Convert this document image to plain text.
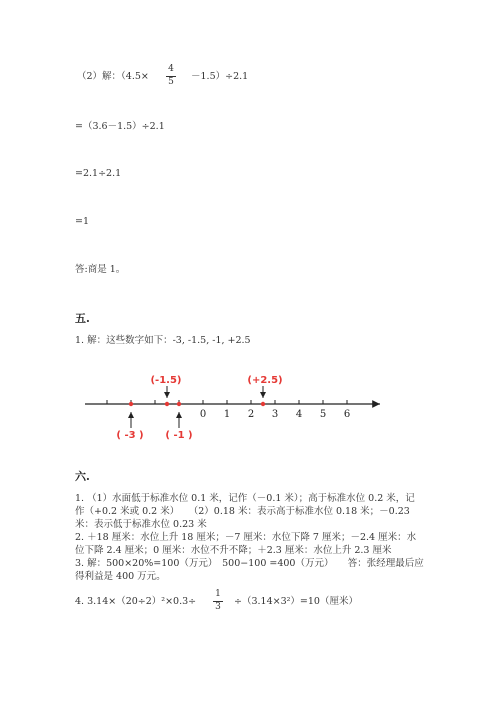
（2）解：（4.5×
4
5	－1.5）÷2.1
=（3.6－1.5）÷2.1
=2.1÷2.1
=1
答:商是 1。
五.
1. 解：这些数字如下：-3, -1.5, -1, +2.5
0 1 2 3 4 5 6
(-1.5)	(+2.5)
( -3 ) ( -1 )
六.
1. （1）水面低于标准水位 0.1 米，记作（－0.1 米）；高于标准水位 0.2 米，记
作（+0.2 米或 0.2 米）　　（2）0.18 米：表示高于标准水位 0.18 米；－0.23
米：表示低于标准水位 0.23 米
2. ＋18 厘米：水位上升 18 厘米；－7 厘米：水位下降 7 厘米；－2.4 厘米：水
位下降 2.4 厘米；0 厘米：水位不升不降；＋2.3 厘米：水位上升 2.3 厘米
3. 解：500×20%=100（万元）　500−100 =400（万元）　　答：张经理最后应
得利益是 400 万元。
4. 3.14×（20÷2）²×0.3÷
1
3	÷（3.14×3²）=10（厘米）
